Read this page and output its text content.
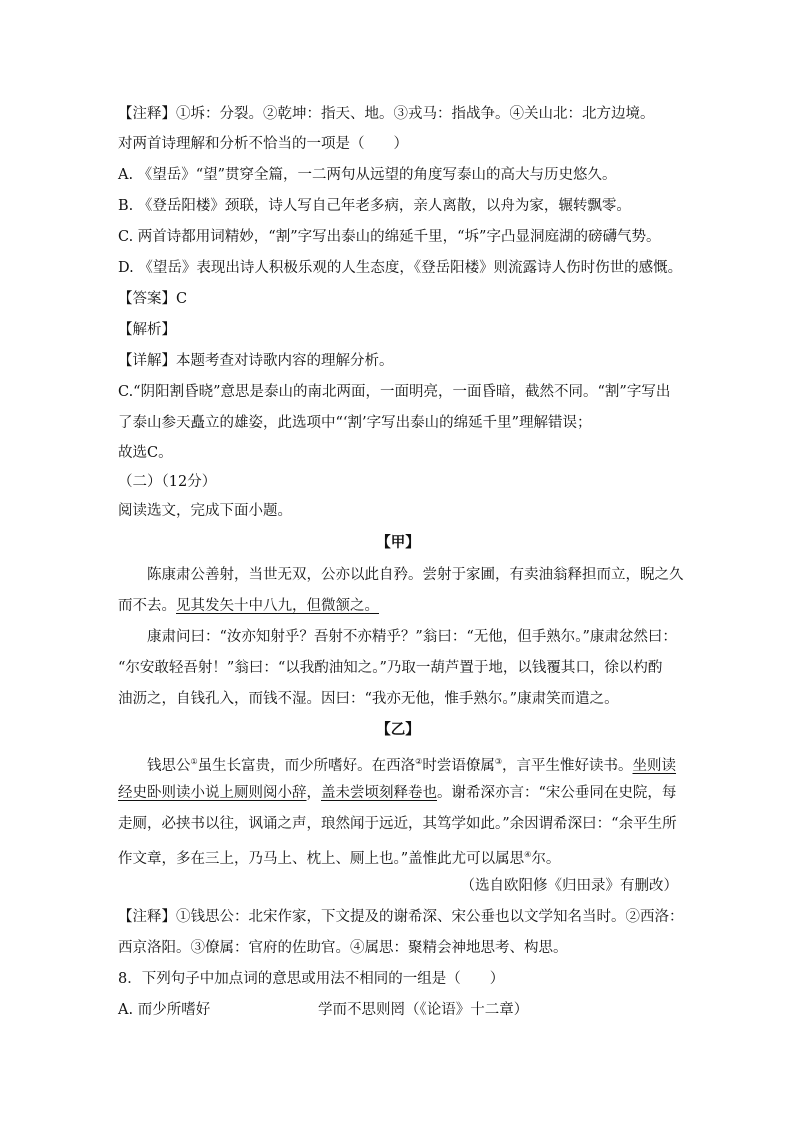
【注释】①坼：分裂。②乾坤：指天、地。③戎马：指战争。④关山北：北方边境。
对两首诗理解和分析不恰当的一项是（　　）
A. 《望岳》“望”贯穿全篇，一二两句从远望的角度写泰山的高大与历史悠久。
B. 《登岳阳楼》颈联，诗人写自己年老多病，亲人离散，以舟为家，辗转飘零。
C. 两首诗都用词精妙，“割”字写出泰山的绵延千里，“坼”字凸显洞庭湖的磅礴气势。
D. 《望岳》表现出诗人积极乐观的人生态度，《登岳阳楼》则流露诗人伤时伤世的感慨。
【答案】C
【解析】
【详解】本题考查对诗歌内容的理解分析。
C.“阴阳割昏晓”意思是泰山的南北两面，一面明亮，一面昏暗，截然不同。“割”字写出
了泰山参天矗立的雄姿，此选项中“‘割’字写出泰山的绵延千里”理解错误；
故选C。
（二）（12分）
阅读选文，完成下面小题。
【甲】
陈康肃公善射，当世无双，公亦以此自矜。尝射于家圃，有卖油翁释担而立，睨之久
而不去。见其发矢十中八九，但微颔之。
康肃问曰：“汝亦知射乎？吾射不亦精乎？”翁曰：“无他，但手熟尔。”康肃忿然曰：
“尔安敢轻吾射！”翁曰：“以我酌油知之。”乃取一葫芦置于地，以钱覆其口，徐以杓酌
油沥之，自钱孔入，而钱不湿。因曰：“我亦无他，惟手熟尔。”康肃笑而遣之。
【乙】
钱思公①虽生长富贵，而少所嗜好。在西洛②时尝语僚属③，言平生惟好读书。坐则读
经史卧则读小说上厕则阅小辞，盖未尝顷刻释卷也。谢希深亦言：“宋公垂同在史院，每
走厕，必挟书以往，讽诵之声，琅然闻于远近，其笃学如此。”余因谓希深曰：“余平生所
作文章，多在三上，乃马上、枕上、厕上也。”盖惟此尤可以属思④尔。
（选自欧阳修《归田录》有删改）
【注释】①钱思公：北宋作家，下文提及的谢希深、宋公垂也以文学知名当时。②西洛：
西京洛阳。③僚属：官府的佐助官。④属思：聚精会神地思考、构思。
8．下列句子中加点词的意思或用法不相同的一组是（　　）
A. 而少所嗜好	学而不思则罔（《论语》十二章）
